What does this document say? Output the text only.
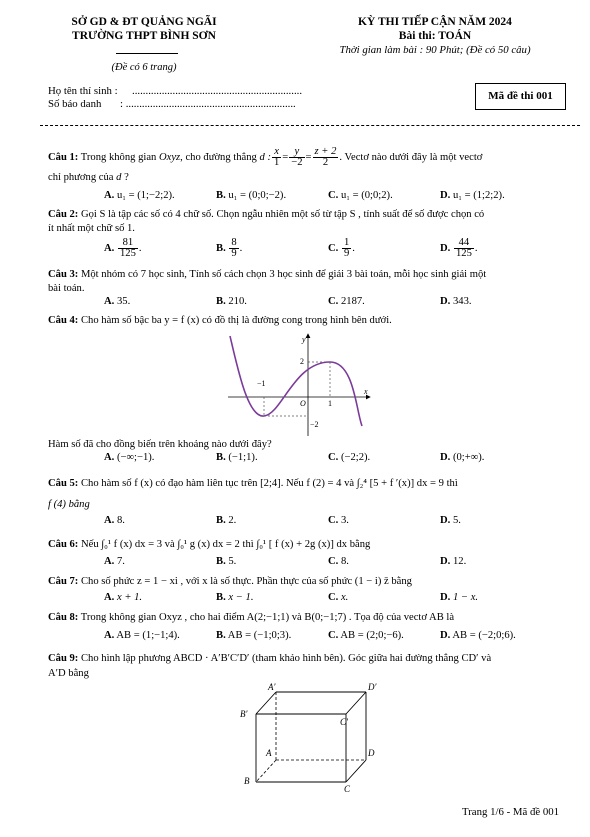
SỞ GD & ĐT QUẢNG NGÃI
TRƯỜNG THPT BÌNH SƠN
(Đề có 6 trang)
KỲ THI TIẾP CẬN NĂM 2024
Bài thi: TOÁN
Thời gian làm bài : 90 Phút; (Đề có 50 câu)
Họ tên thí sinh : ...............................................................
Số báo danh : ...............................................................
Mã đề thi 001
Câu 1: Trong không gian Oxyz, cho đường thẳng d : $\frac{x}{1} = \frac{y}{-2} = \frac{z + 2}{2}$ . Vectơ nào dưới đây là một vectơ
chỉ phương của d ?
A. u₁ = (1;−2;2).	B. u₁ = (0;0;−2).	C. u₁ = (0;0;2).	D. u₁ = (1;2;2).
Câu 2: Gọi S là tập các số có 4 chữ số. Chọn ngẫu nhiên một số từ tập S , tính suất để số được chọn có
ít nhất một chữ số 1.
A. $\frac{81}{125}$ .	B. $\frac{8}{9}$ .	C. $\frac{1}{9}$ .	D. $\frac{44}{125}$ .
Câu 3: Một nhóm có 7 học sinh, Tính số cách chọn 3 học sinh để giải 3 bài toán, mỗi học sinh giải một
bài toán.
A. 35.	B. 210.	C. 2187.	D. 343.
Câu 4: Cho hàm số bậc ba y = f (x) có đồ thị là đường cong trong hình bên dưới.
y
x
O	1
−1
2
−2
Hàm số đã cho đồng biến trên khoảng nào dưới đây?
A. (−∞;−1).	B. (−1;1).	C. (−2;2).	D. (0;+∞).
Câu 5: Cho hàm số f (x) có đạo hàm liên tục trên [2;4]. Nếu f (2) = 4 và ∫₂⁴ [5 + f ′(x)] dx = 9 thì
f (4) bằng
A. 8.	B. 2.	C. 3.	D. 5.
Câu 6: Nếu ∫₀¹ f (x) dx = 3 và ∫₀¹ g (x) dx = 2 thì ∫₀¹ [ f (x) + 2g (x)] dx bằng
A. 7.	B. 5.	C. 8.	D. 12.
Câu 7: Cho số phức z = 1 − xi , với x là số thực. Phần thực của số phức (1 − i) z̄ bằng
A. x + 1.	B. x − 1.	C. x.	D. 1 − x.
Câu 8: Trong không gian Oxyz , cho hai điểm A(2;−1;1) và B(0;−1;7) . Tọa độ của vectơ AB là
A. AB = (1;−1;4).	B. AB = (−1;0;3).	C. AB = (2;0;−6).	D. AB = (−2;0;6).
Câu 9: Cho hình lập phương ABCD · A′B′C′D′ (tham khảo hình bên). Góc giữa hai đường thẳng CD′ và
A′D bằng
A′	D′
B′
C′
A	D
B
C
Trang 1/6 - Mã đề 001
